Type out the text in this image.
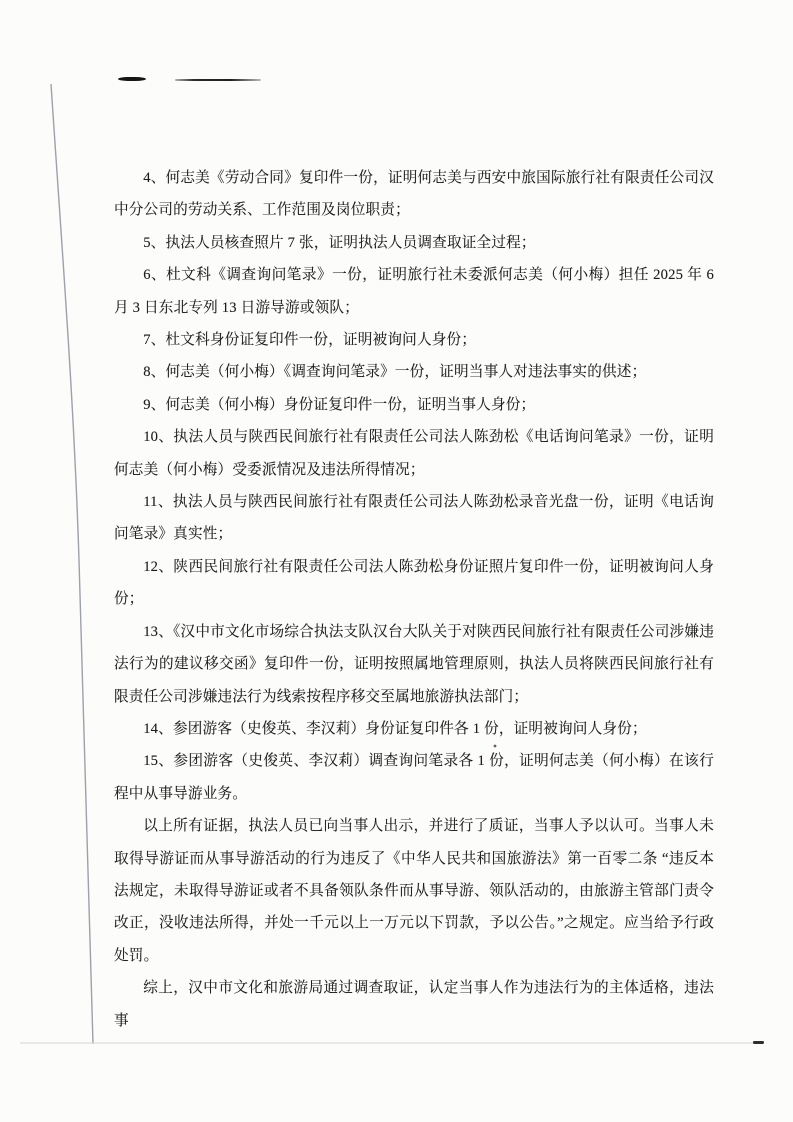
4、何志美《劳动合同》复印件一份，证明何志美与西安中旅国际旅行社有限责任公司汉中分公司的劳动关系、工作范围及岗位职责；

5、执法人员核查照片 7 张，证明执法人员调查取证全过程；

6、杜文科《调查询问笔录》一份，证明旅行社未委派何志美（何小梅）担任 2025 年 6 月 3 日东北专列 13 日游导游或领队；

7、杜文科身份证复印件一份，证明被询问人身份；

8、何志美（何小梅）《调查询问笔录》一份，证明当事人对违法事实的供述；

9、何志美（何小梅）身份证复印件一份，证明当事人身份；

10、执法人员与陕西民间旅行社有限责任公司法人陈劲松《电话询问笔录》一份，证明何志美（何小梅）受委派情况及违法所得情况；

11、执法人员与陕西民间旅行社有限责任公司法人陈劲松录音光盘一份，证明《电话询问笔录》真实性；

12、陕西民间旅行社有限责任公司法人陈劲松身份证照片复印件一份，证明被询问人身份；

13、《汉中市文化市场综合执法支队汉台大队关于对陕西民间旅行社有限责任公司涉嫌违法行为的建议移交函》复印件一份，证明按照属地管理原则，执法人员将陕西民间旅行社有限责任公司涉嫌违法行为线索按程序移交至属地旅游执法部门；

14、参团游客（史俊英、李汉莉）身份证复印件各 1 份，证明被询问人身份；

15、参团游客（史俊英、李汉莉）调查询问笔录各 1 份，证明何志美（何小梅）在该行程中从事导游业务。

以上所有证据，执法人员已向当事人出示，并进行了质证，当事人予以认可。当事人未取得导游证而从事导游活动的行为违反了《中华人民共和国旅游法》第一百零二条 “违反本法规定，未取得导游证或者不具备领队条件而从事导游、领队活动的，由旅游主管部门责令改正，没收违法所得，并处一千元以上一万元以下罚款，予以公告。”之规定。应当给予行政处罚。

综上，汉中市文化和旅游局通过调查取证，认定当事人作为违法行为的主体适格，违法事
